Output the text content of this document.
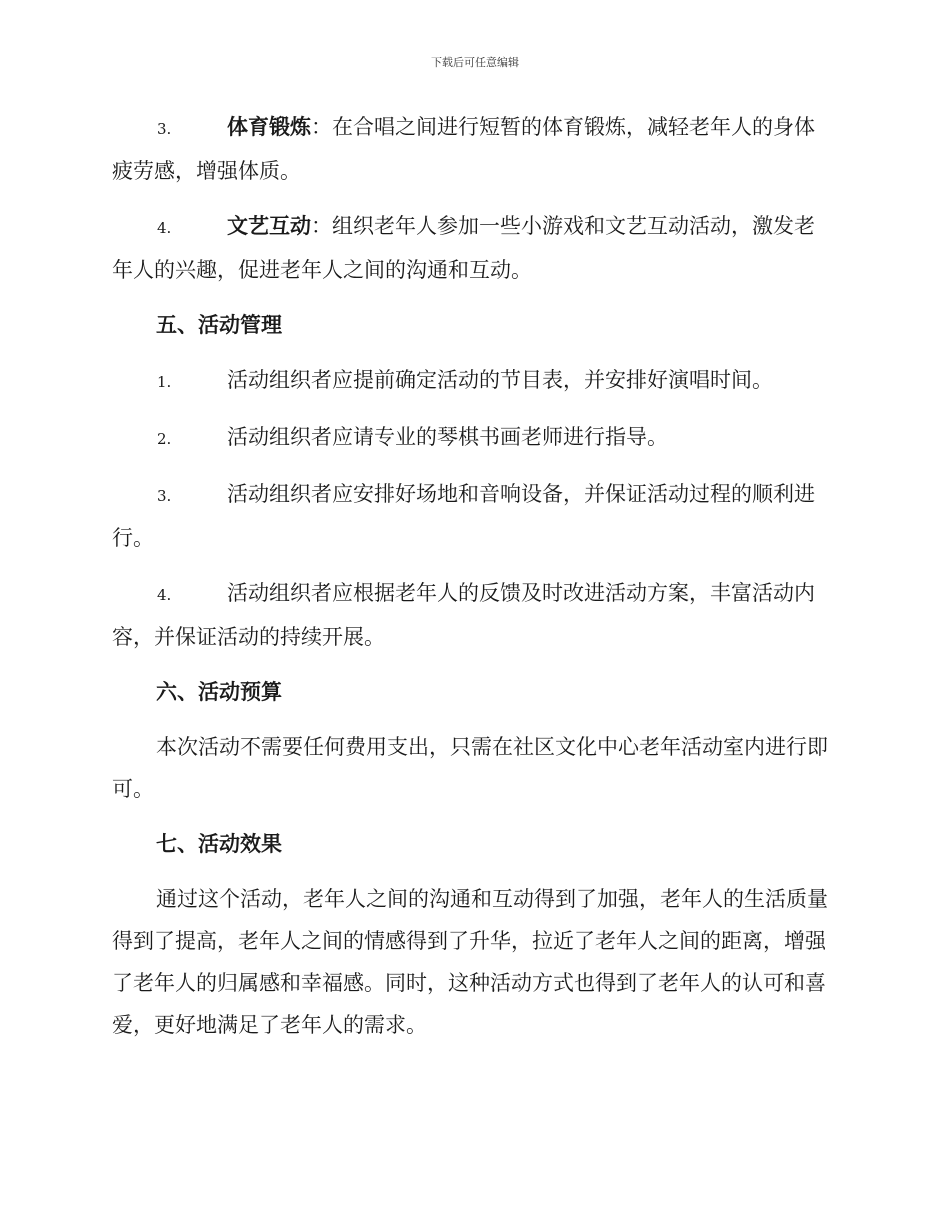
下载后可任意编辑

3.	体育锻炼：在合唱之间进行短暂的体育锻炼，减轻老年人的身体疲劳感，增强体质。

4.	文艺互动：组织老年人参加一些小游戏和文艺互动活动，激发老年人的兴趣，促进老年人之间的沟通和互动。

五、活动管理

1.	活动组织者应提前确定活动的节目表，并安排好演唱时间。

2.	活动组织者应请专业的琴棋书画老师进行指导。

3.	活动组织者应安排好场地和音响设备，并保证活动过程的顺利进行。

4.	活动组织者应根据老年人的反馈及时改进活动方案，丰富活动内容，并保证活动的持续开展。

六、活动预算

本次活动不需要任何费用支出，只需在社区文化中心老年活动室内进行即可。

七、活动效果

通过这个活动，老年人之间的沟通和互动得到了加强，老年人的生活质量得到了提高，老年人之间的情感得到了升华，拉近了老年人之间的距离，增强了老年人的归属感和幸福感。同时，这种活动方式也得到了老年人的认可和喜爱，更好地满足了老年人的需求。
